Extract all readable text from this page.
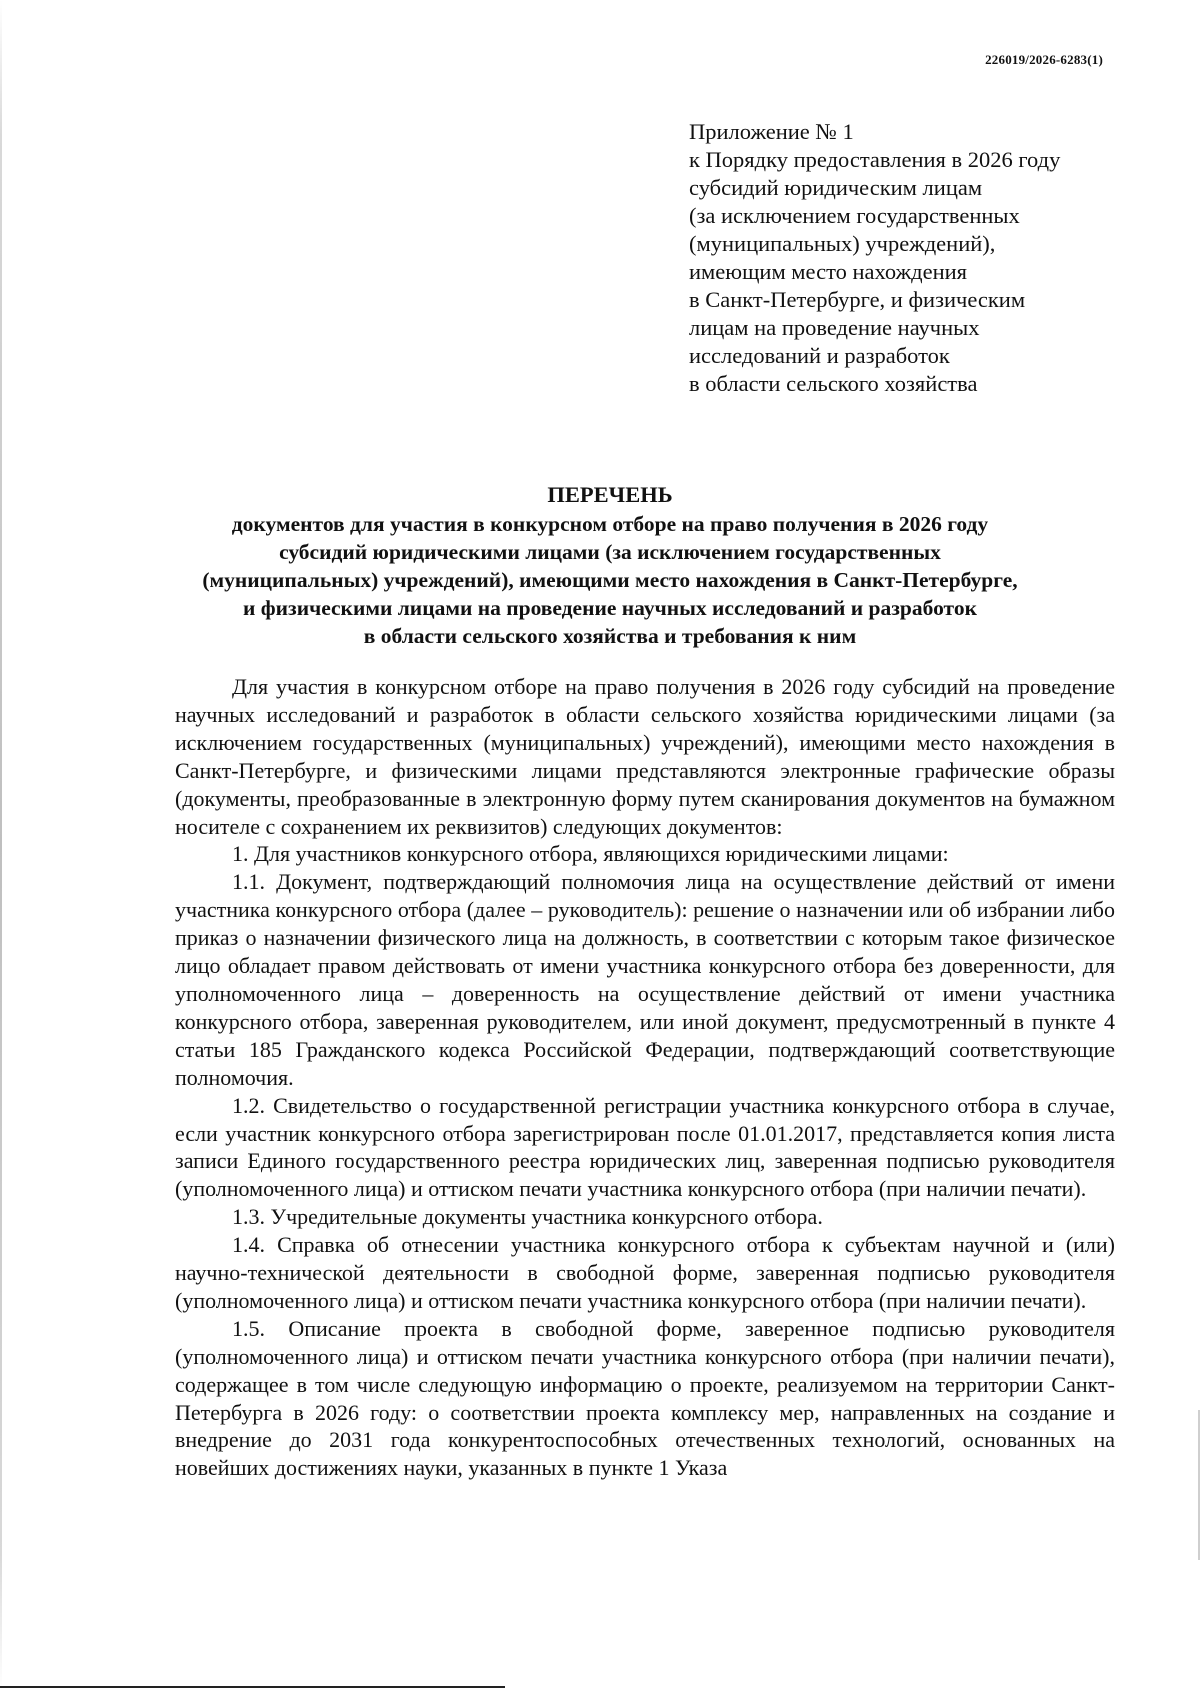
226019/2026-6283(1)
Приложение № 1
к Порядку предоставления в 2026 году
субсидий юридическим лицам
(за исключением государственных
(муниципальных) учреждений),
имеющим место нахождения
в Санкт-Петербурге, и физическим
лицам на проведение научных
исследований и разработок
в области сельского хозяйства
ПЕРЕЧЕНЬ
документов для участия в конкурсном отборе на право получения в 2026 году
субсидий юридическими лицами (за исключением государственных
(муниципальных) учреждений), имеющими место нахождения в Санкт-Петербурге,
и физическими лицами на проведение научных исследований и разработок
в области сельского хозяйства и требования к ним

Для участия в конкурсном отборе на право получения в 2026 году субсидий на проведение научных исследований и разработок в области сельского хозяйства юридическими лицами (за исключением государственных (муниципальных) учреждений), имеющими место нахождения в Санкт-Петербурге, и физическими лицами представляются электронные графические образы (документы, преобразованные в электронную форму путем сканирования документов на бумажном носителе с сохранением их реквизитов) следующих документов:

1. Для участников конкурсного отбора, являющихся юридическими лицами:

1.1. Документ, подтверждающий полномочия лица на осуществление действий от имени участника конкурсного отбора (далее – руководитель): решение о назначении или об избрании либо приказ о назначении физического лица на должность, в соответствии с которым такое физическое лицо обладает правом действовать от имени участника конкурсного отбора без доверенности, для уполномоченного лица – доверенность на осуществление действий от имени участника конкурсного отбора, заверенная руководителем, или иной документ, предусмотренный в пункте 4 статьи 185 Гражданского кодекса Российской Федерации, подтверждающий соответствующие полномочия.

1.2. Свидетельство о государственной регистрации участника конкурсного отбора в случае, если участник конкурсного отбора зарегистрирован после 01.01.2017, представляется копия листа записи Единого государственного реестра юридических лиц, заверенная подписью руководителя (уполномоченного лица) и оттиском печати участника конкурсного отбора (при наличии печати).

1.3. Учредительные документы участника конкурсного отбора.

1.4. Справка об отнесении участника конкурсного отбора к субъектам научной и (или) научно-технической деятельности в свободной форме, заверенная подписью руководителя (уполномоченного лица) и оттиском печати участника конкурсного отбора (при наличии печати).

1.5. Описание проекта в свободной форме, заверенное подписью руководителя (уполномоченного лица) и оттиском печати участника конкурсного отбора (при наличии печати), содержащее в том числе следующую информацию о проекте, реализуемом на территории Санкт-Петербурга в 2026 году: о соответствии проекта комплексу мер, направленных на создание и внедрение до 2031 года конкурентоспособных отечественных технологий, основанных на новейших достижениях науки, указанных в пункте 1 Указа
